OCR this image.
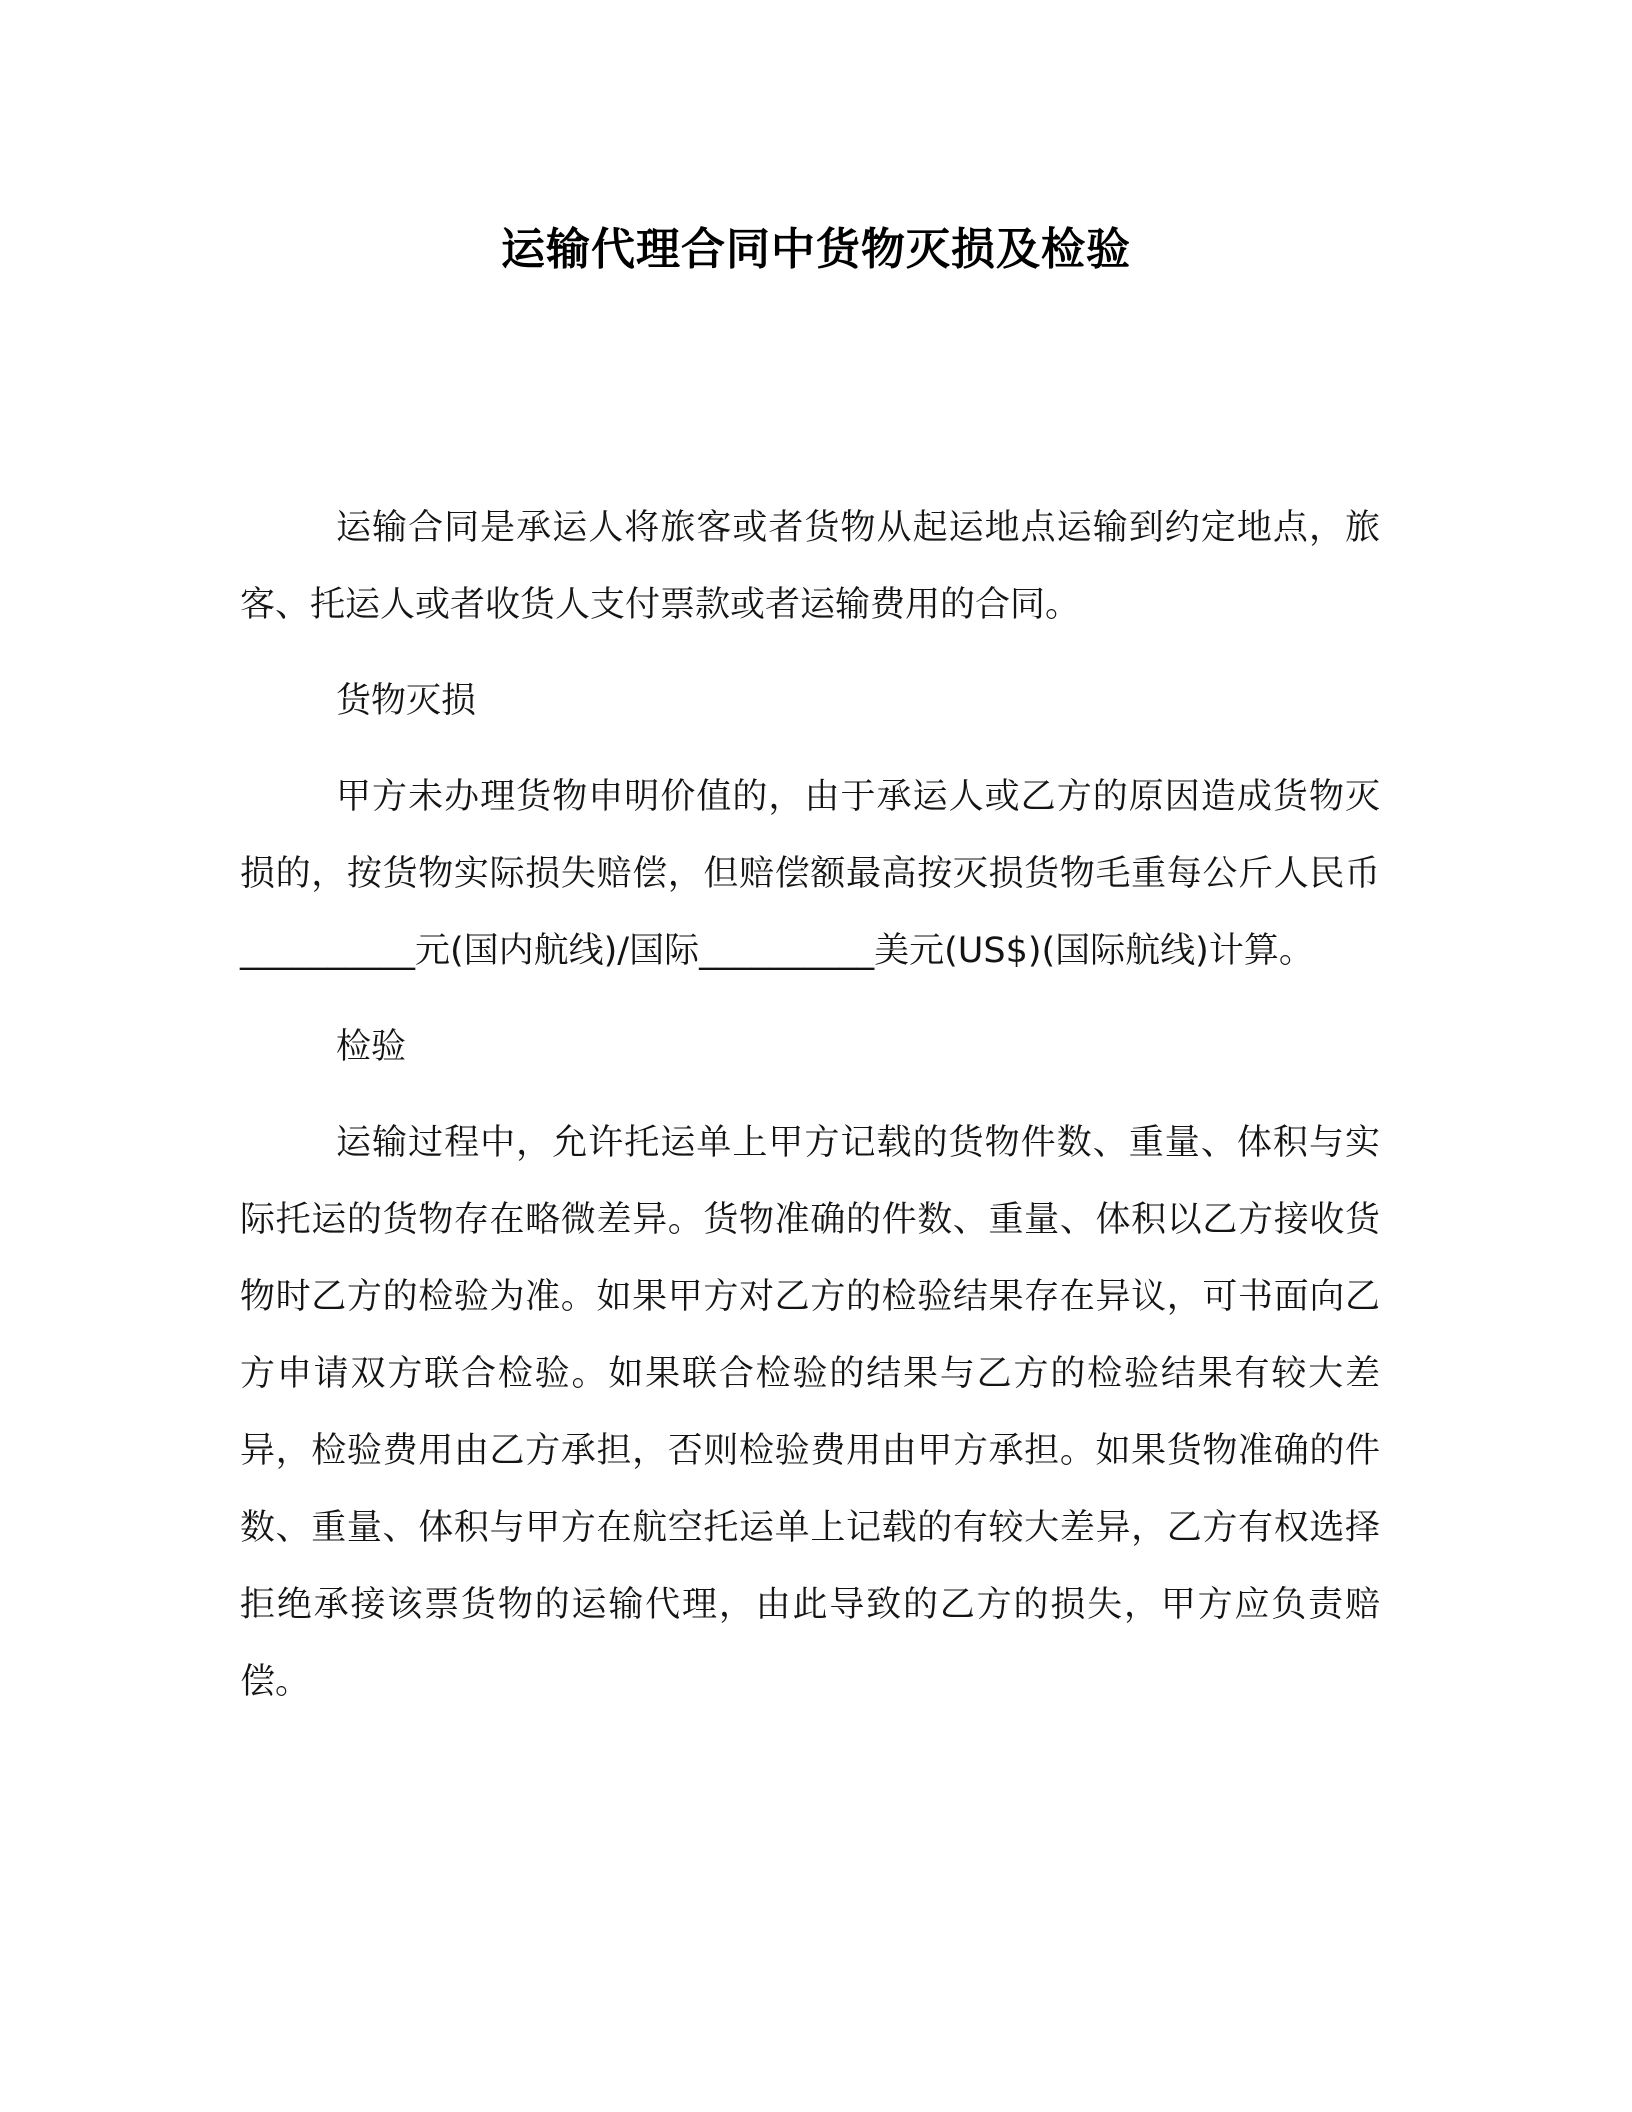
运输代理合同中货物灭损及检验

运输合同是承运人将旅客或者货物从起运地点运输到约定地点，旅客、托运人或者收货人支付票款或者运输费用的合同。

货物灭损

甲方未办理货物申明价值的，由于承运人或乙方的原因造成货物灭损的，按货物实际损失赔偿，但赔偿额最高按灭损货物毛重每公斤人民币__________元(国内航线)/国际__________美元(US$)(国际航线)计算。

检验

运输过程中，允许托运单上甲方记载的货物件数、重量、体积与实际托运的货物存在略微差异。货物准确的件数、重量、体积以乙方接收货物时乙方的检验为准。如果甲方对乙方的检验结果存在异议，可书面向乙方申请双方联合检验。如果联合检验的结果与乙方的检验结果有较大差异，检验费用由乙方承担，否则检验费用由甲方承担。如果货物准确的件数、重量、体积与甲方在航空托运单上记载的有较大差异，乙方有权选择拒绝承接该票货物的运输代理，由此导致的乙方的损失，甲方应负责赔偿。
